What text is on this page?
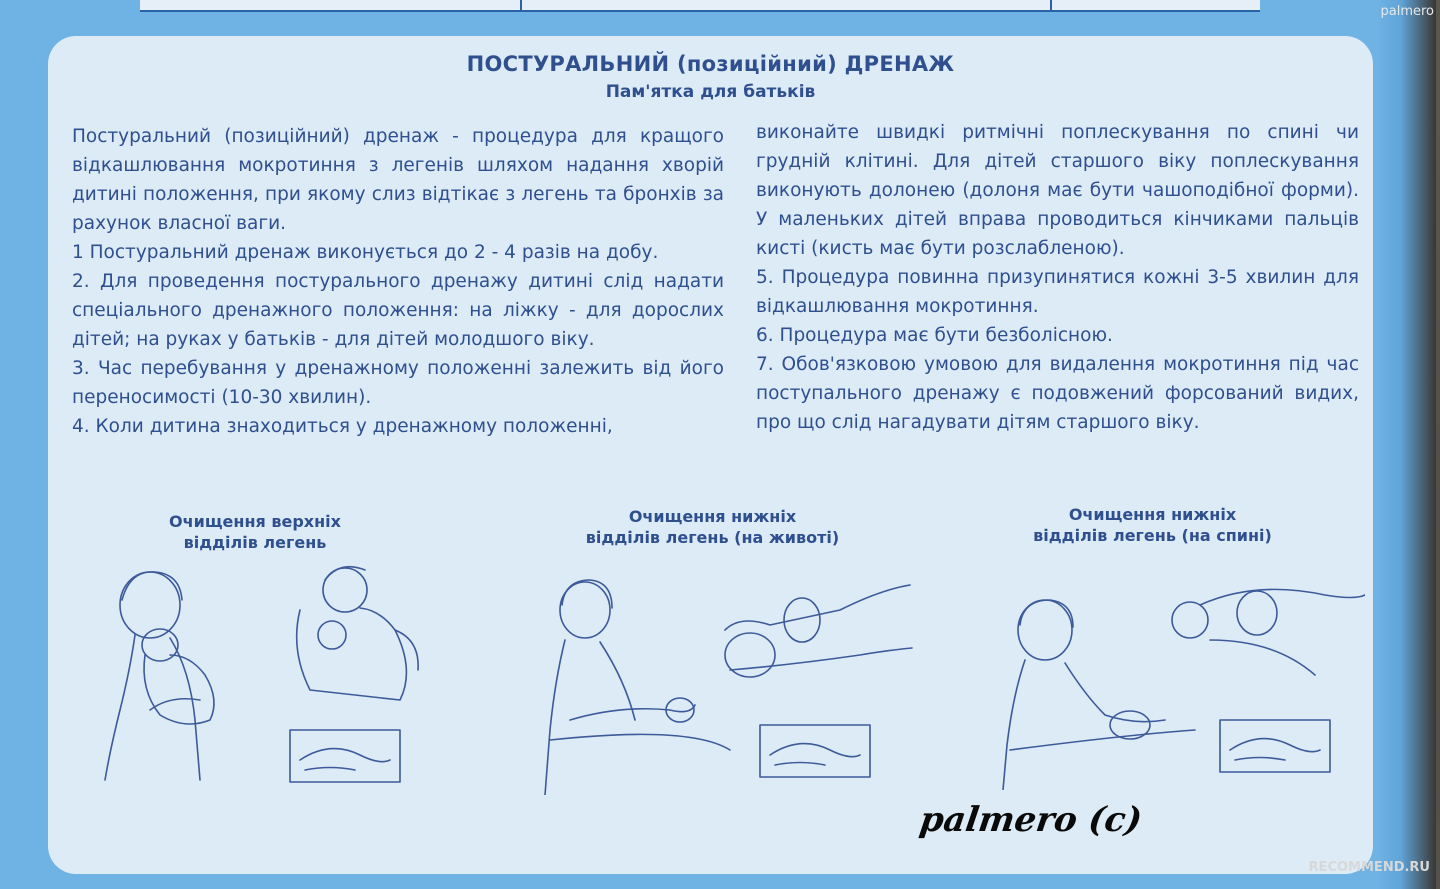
ПОСТУРАЛЬНИЙ (позиційний) ДРЕНАЖ
Пам'ятка для батьків

Постуральний (позиційний) дренаж - процедура для кращого відкашлювання мокротиння з легенів шляхом надання хворій дитині положення, при якому слиз відтікає з легень та бронхів за рахунок власної ваги.

1 Постуральний дренаж виконується до 2 - 4 разів на добу.

2. Для проведення постурального дренажу дитині слід надати спеціального дренажного положення: на ліжку - для дорослих дітей; на руках у батьків - для дітей молодшого віку.

3. Час перебування у дренажному положенні залежить від його переносимості (10-30 хвилин).

4. Коли дитина знаходиться у дренажному положенні,

виконайте швидкі ритмічні поплескування по спині чи грудній клітині. Для дітей старшого віку поплескування виконують долонею (долоня має бути чашоподібної форми). У маленьких дітей вправа проводиться кінчиками пальців кисті (кисть має бути розслабленою).

5. Процедура повинна призупинятися кожні 3-5 хвилин для відкашлювання мокротиння.

6. Процедура має бути безболісною.

7. Обов'язковою умовою для видалення мокротиння під час поступального дренажу є подовжений форсований видих, про що слід нагадувати дітям старшого віку.

Очищення верхніх
відділів легень
Очищення нижніх
відділів легень (на животі)
Очищення нижніх
відділів легень (на спині)
palmero (c)
palmero
RECOMMEND.RU
